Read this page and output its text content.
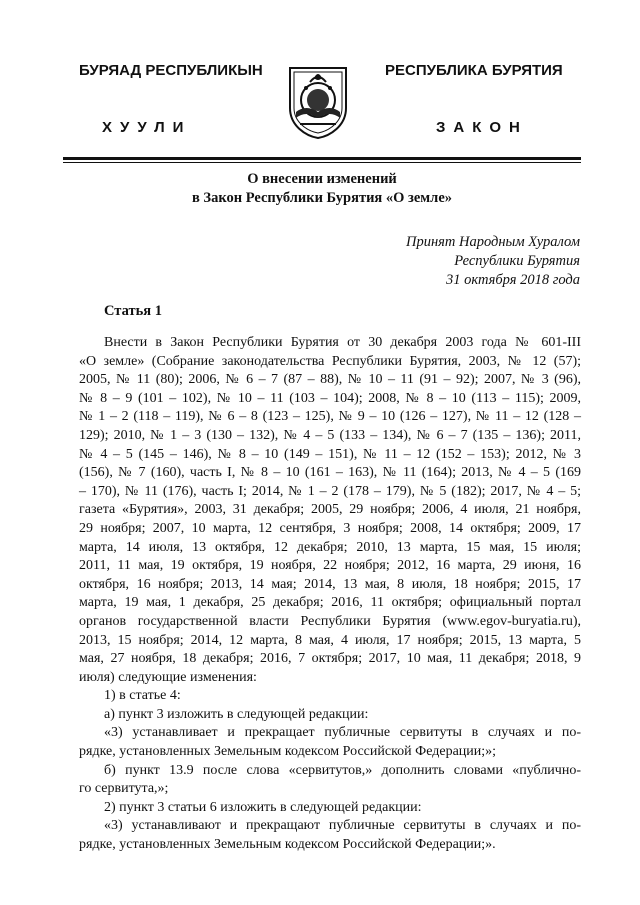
БУРЯАД РЕСПУБЛИКЫН	РЕСПУБЛИКА БУРЯТИЯ
ХУУЛИ	ЗАКОН
О внесении изменений
в Закон Республики Бурятия «О земле»
Принят Народным Хуралом
Республики Бурятия
31 октября 2018 года
Статья 1
Внести в Закон Республики Бурятия от 30 декабря 2003 года № 601-III
«О земле» (Собрание законодательства Республики Бурятия, 2003, № 12 (57);
2005, № 11 (80); 2006, № 6 – 7 (87 – 88), № 10 – 11 (91 – 92); 2007, № 3 (96),
№ 8 – 9 (101 – 102), № 10 – 11 (103 – 104); 2008, № 8 – 10 (113 – 115); 2009,
№ 1 – 2 (118 – 119), № 6 – 8 (123 – 125), № 9 – 10 (126 – 127), № 11 – 12 (128 –
129); 2010, № 1 – 3 (130 – 132), № 4 – 5 (133 – 134), № 6 – 7 (135 – 136); 2011,
№ 4 – 5 (145 – 146), № 8 – 10 (149 – 151), № 11 – 12 (152 – 153); 2012, № 3
(156), № 7 (160), часть I, № 8 – 10 (161 – 163), № 11 (164); 2013, № 4 – 5 (169
– 170), № 11 (176), часть I; 2014, № 1 – 2 (178 – 179), № 5 (182); 2017, № 4 – 5;
газета «Бурятия», 2003, 31 декабря; 2005, 29 ноября; 2006, 4 июля, 21 ноября,
29 ноября; 2007, 10 марта, 12 сентября, 3 ноября; 2008, 14 октября; 2009, 17
марта, 14 июля, 13 октября, 12 декабря; 2010, 13 марта, 15 мая, 15 июля;
2011, 11 мая, 19 октября, 19 ноября, 22 ноября; 2012, 16 марта, 29 июня, 16
октября, 16 ноября; 2013, 14 мая; 2014, 13 мая, 8 июля, 18 ноября; 2015, 17
марта, 19 мая, 1 декабря, 25 декабря; 2016, 11 октября; официальный портал
органов государственной власти Республики Бурятия (www.egov-buryatia.ru),
2013, 15 ноября; 2014, 12 марта, 8 мая, 4 июля, 17 ноября; 2015, 13 марта, 5
мая, 27 ноября, 18 декабря; 2016, 7 октября; 2017, 10 мая, 11 декабря; 2018, 9
июля) следующие изменения:
1) в статье 4:
а) пункт 3 изложить в следующей редакции:
«3) устанавливает и прекращает публичные сервитуты в случаях и по-
рядке, установленных Земельным кодексом Российской Федерации;»;
б) пункт 13.9 после слова «сервитутов,» дополнить словами «публично-
го сервитута,»;
2) пункт 3 статьи 6 изложить в следующей редакции:
«3) устанавливают и прекращают публичные сервитуты в случаях и по-
рядке, установленных Земельным кодексом Российской Федерации;».
